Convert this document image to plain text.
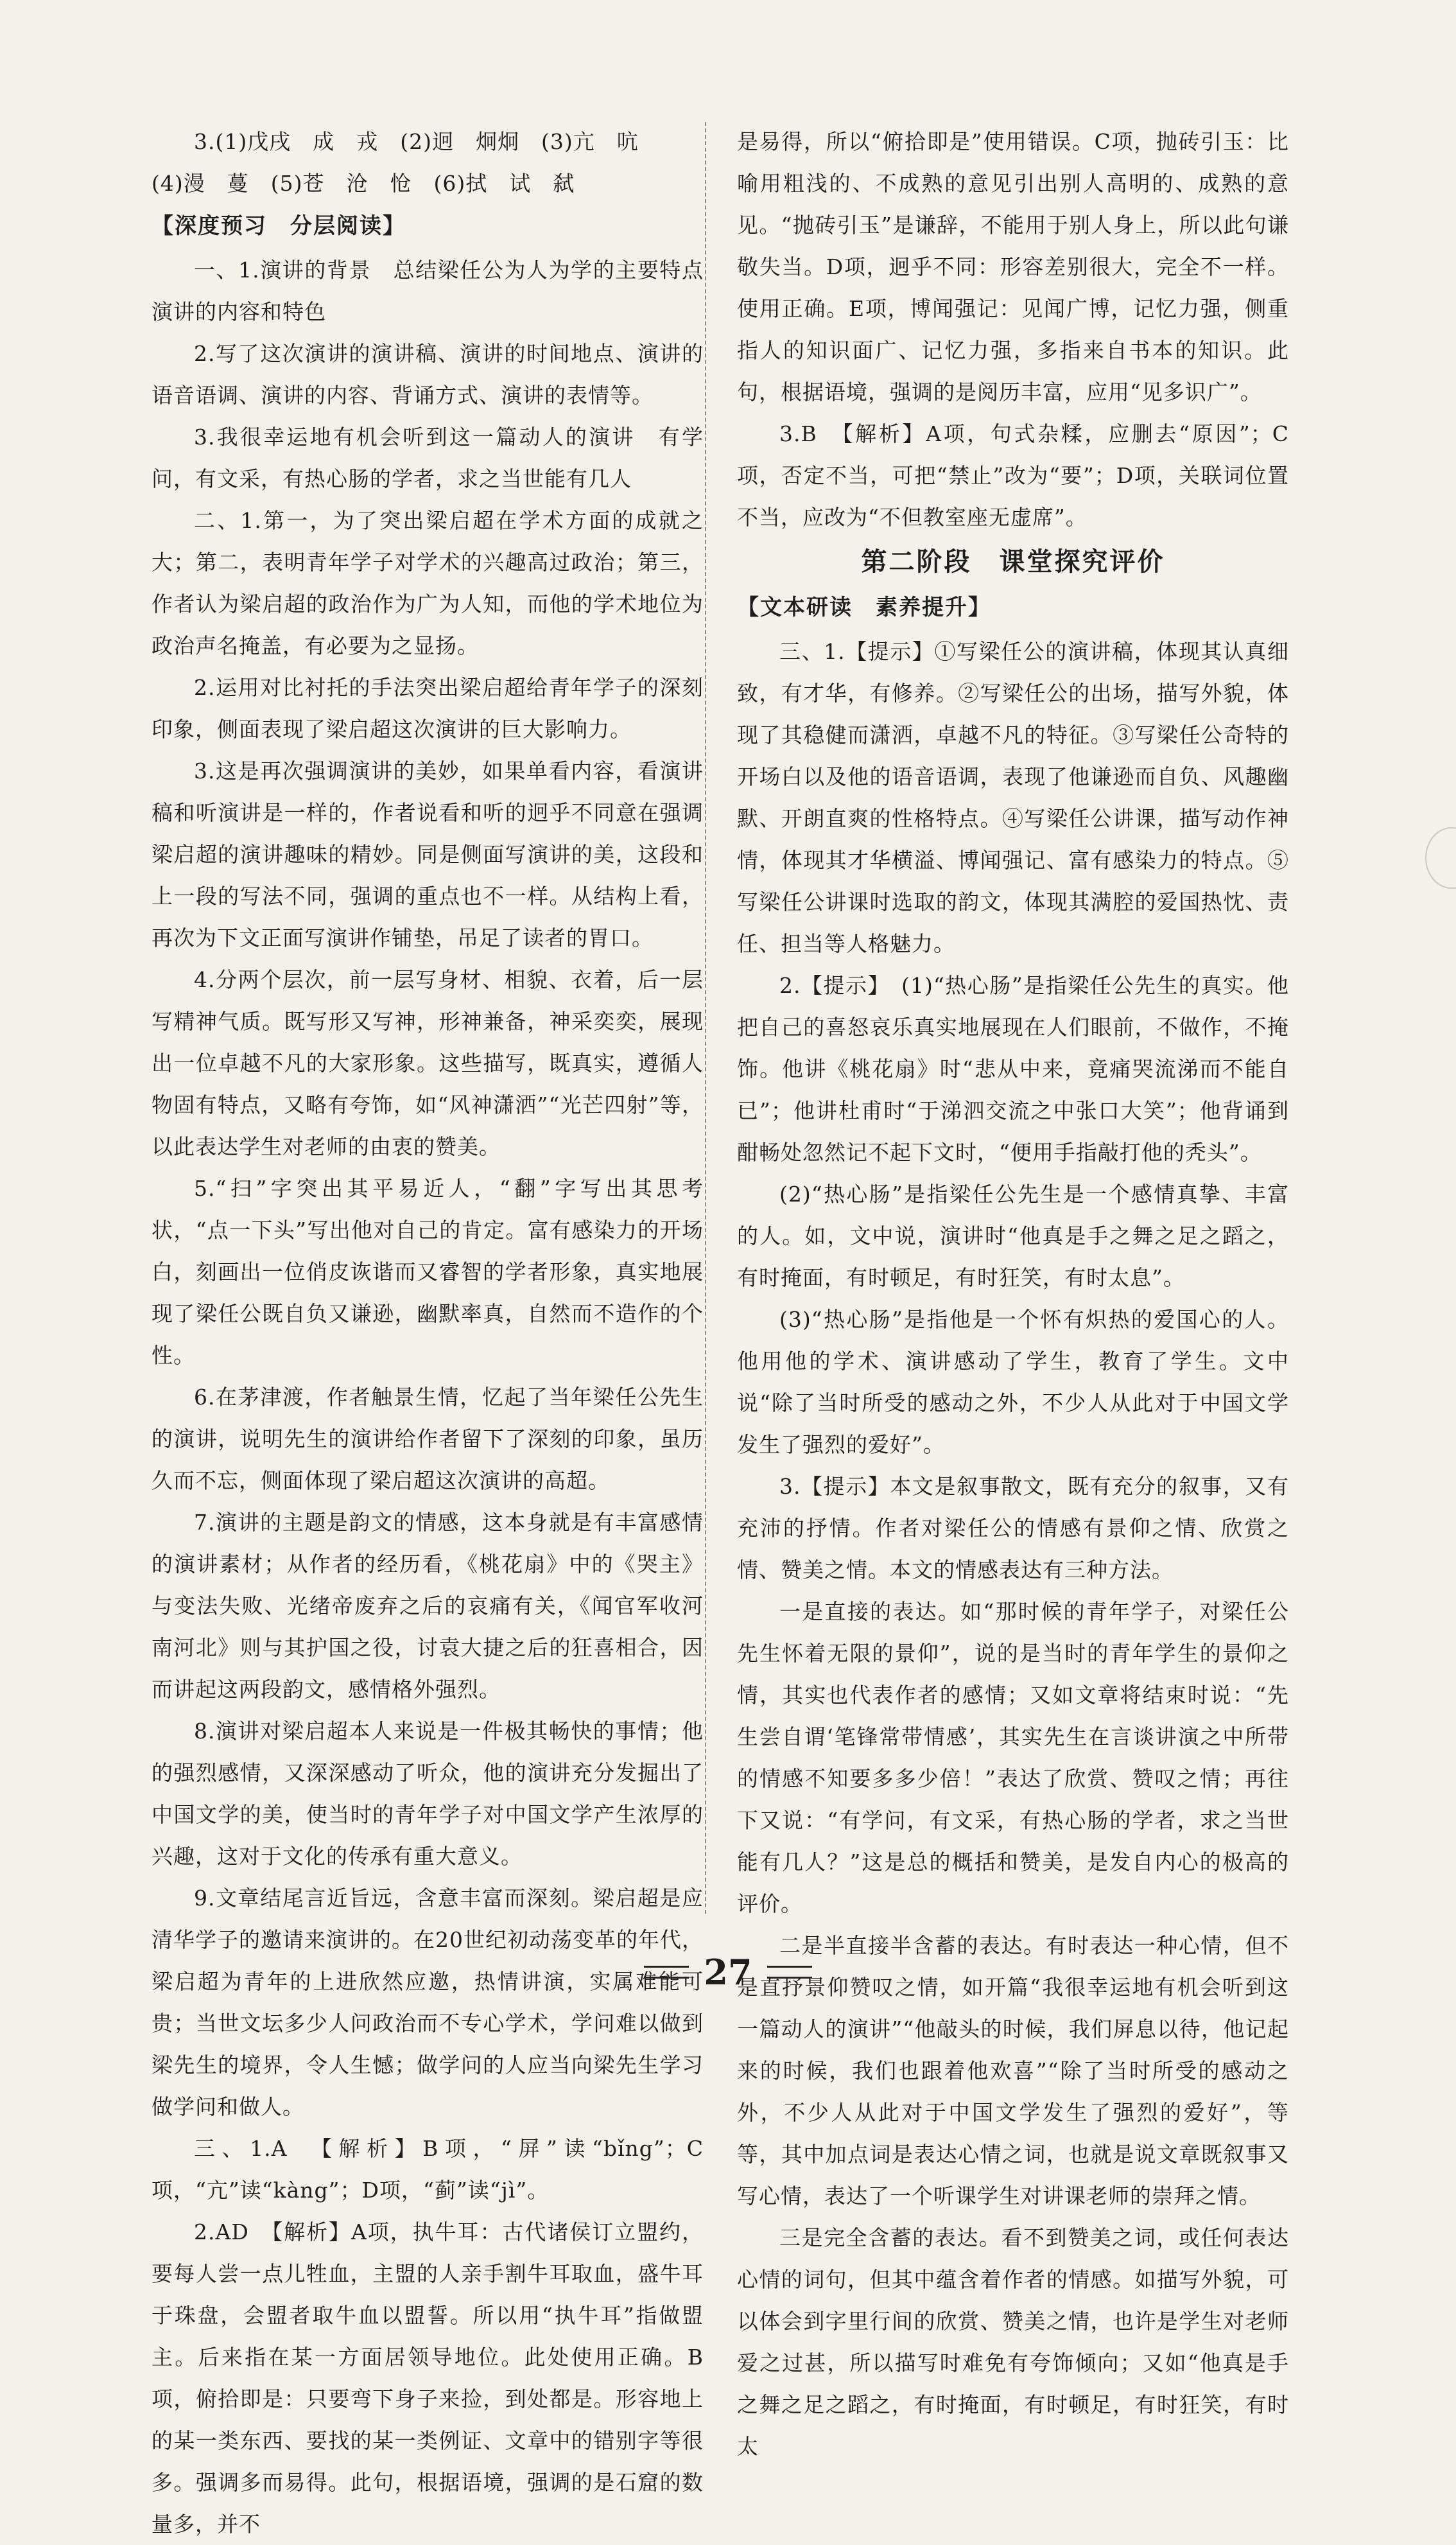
3.(1)戊戌　成　戎　(2)迥　炯炯　(3)亢　吭

(4)漫　蔓　(5)苍　沧　怆　(6)拭　试　弑

【深度预习　分层阅读】

一、1.演讲的背景　总结梁任公为人为学的主要特点　演讲的内容和特色

2.写了这次演讲的演讲稿、演讲的时间地点、演讲的语音语调、演讲的内容、背诵方式、演讲的表情等。

3.我很幸运地有机会听到这一篇动人的演讲　有学问，有文采，有热心肠的学者，求之当世能有几人

二、1.第一，为了突出梁启超在学术方面的成就之大；第二，表明青年学子对学术的兴趣高过政治；第三，作者认为梁启超的政治作为广为人知，而他的学术地位为政治声名掩盖，有必要为之显扬。

2.运用对比衬托的手法突出梁启超给青年学子的深刻印象，侧面表现了梁启超这次演讲的巨大影响力。

3.这是再次强调演讲的美妙，如果单看内容，看演讲稿和听演讲是一样的，作者说看和听的迥乎不同意在强调梁启超的演讲趣味的精妙。同是侧面写演讲的美，这段和上一段的写法不同，强调的重点也不一样。从结构上看，再次为下文正面写演讲作铺垫，吊足了读者的胃口。

4.分两个层次，前一层写身材、相貌、衣着，后一层写精神气质。既写形又写神，形神兼备，神采奕奕，展现出一位卓越不凡的大家形象。这些描写，既真实，遵循人物固有特点，又略有夸饰，如“风神潇洒”“光芒四射”等，以此表达学生对老师的由衷的赞美。

5.“扫”字突出其平易近人，“翻”字写出其思考状，“点一下头”写出他对自己的肯定。富有感染力的开场白，刻画出一位俏皮诙谐而又睿智的学者形象，真实地展现了梁任公既自负又谦逊，幽默率真，自然而不造作的个性。

6.在茅津渡，作者触景生情，忆起了当年梁任公先生的演讲，说明先生的演讲给作者留下了深刻的印象，虽历久而不忘，侧面体现了梁启超这次演讲的高超。

7.演讲的主题是韵文的情感，这本身就是有丰富感情的演讲素材；从作者的经历看，《桃花扇》中的《哭主》与变法失败、光绪帝废弃之后的哀痛有关，《闻官军收河南河北》则与其护国之役，讨袁大捷之后的狂喜相合，因而讲起这两段韵文，感情格外强烈。

8.演讲对梁启超本人来说是一件极其畅快的事情；他的强烈感情，又深深感动了听众，他的演讲充分发掘出了中国文学的美，使当时的青年学子对中国文学产生浓厚的兴趣，这对于文化的传承有重大意义。

9.文章结尾言近旨远，含意丰富而深刻。梁启超是应清华学子的邀请来演讲的。在20世纪初动荡变革的年代，梁启超为青年的上进欣然应邀，热情讲演，实属难能可贵；当世文坛多少人问政治而不专心学术，学问难以做到梁先生的境界，令人生憾；做学问的人应当向梁先生学习做学问和做人。

三、1.A　【解析】B项，“屏”读“bǐng”；C项，“亢”读“kàng”；D项，“蓟”读“jì”。

2.AD　【解析】A项，执牛耳：古代诸侯订立盟约，要每人尝一点儿牲血，主盟的人亲手割牛耳取血，盛牛耳于珠盘，会盟者取牛血以盟誓。所以用“执牛耳”指做盟主。后来指在某一方面居领导地位。此处使用正确。B项，俯拾即是：只要弯下身子来捡，到处都是。形容地上的某一类东西、要找的某一类例证、文章中的错别字等很多。强调多而易得。此句，根据语境，强调的是石窟的数量多，并不

是易得，所以“俯拾即是”使用错误。C项，抛砖引玉：比喻用粗浅的、不成熟的意见引出别人高明的、成熟的意见。“抛砖引玉”是谦辞，不能用于别人身上，所以此句谦敬失当。D项，迥乎不同：形容差别很大，完全不一样。使用正确。E项，博闻强记：见闻广博，记忆力强，侧重指人的知识面广、记忆力强，多指来自书本的知识。此句，根据语境，强调的是阅历丰富，应用“见多识广”。

3.B　【解析】A项，句式杂糅，应删去“原因”；C项，否定不当，可把“禁止”改为“要”；D项，关联词位置不当，应改为“不但教室座无虚席”。

第二阶段　课堂探究评价

【文本研读　素养提升】

三、1.【提示】①写梁任公的演讲稿，体现其认真细致，有才华，有修养。②写梁任公的出场，描写外貌，体现了其稳健而潇洒，卓越不凡的特征。③写梁任公奇特的开场白以及他的语音语调，表现了他谦逊而自负、风趣幽默、开朗直爽的性格特点。④写梁任公讲课，描写动作神情，体现其才华横溢、博闻强记、富有感染力的特点。⑤写梁任公讲课时选取的韵文，体现其满腔的爱国热忱、责任、担当等人格魅力。

2.【提示】　(1)“热心肠”是指梁任公先生的真实。他把自己的喜怒哀乐真实地展现在人们眼前，不做作，不掩饰。他讲《桃花扇》时“悲从中来，竟痛哭流涕而不能自已”；他讲杜甫时“于涕泗交流之中张口大笑”；他背诵到酣畅处忽然记不起下文时，“便用手指敲打他的秃头”。

(2)“热心肠”是指梁任公先生是一个感情真挚、丰富的人。如，文中说，演讲时“他真是手之舞之足之蹈之，有时掩面，有时顿足，有时狂笑，有时太息”。

(3)“热心肠”是指他是一个怀有炽热的爱国心的人。他用他的学术、演讲感动了学生，教育了学生。文中说“除了当时所受的感动之外，不少人从此对于中国文学发生了强烈的爱好”。

3.【提示】本文是叙事散文，既有充分的叙事，又有充沛的抒情。作者对梁任公的情感有景仰之情、欣赏之情、赞美之情。本文的情感表达有三种方法。

一是直接的表达。如“那时候的青年学子，对梁任公先生怀着无限的景仰”，说的是当时的青年学生的景仰之情，其实也代表作者的感情；又如文章将结束时说：“先生尝自谓‘笔锋常带情感’，其实先生在言谈讲演之中所带的情感不知要多多少倍！”表达了欣赏、赞叹之情；再往下又说：“有学问，有文采，有热心肠的学者，求之当世能有几人？”这是总的概括和赞美，是发自内心的极高的评价。

二是半直接半含蓄的表达。有时表达一种心情，但不是直抒景仰赞叹之情，如开篇“我很幸运地有机会听到这一篇动人的演讲”“他敲头的时候，我们屏息以待，他记起来的时候，我们也跟着他欢喜”“除了当时所受的感动之外，不少人从此对于中国文学发生了强烈的爱好”，等等，其中加点词是表达心情之词，也就是说文章既叙事又写心情，表达了一个听课学生对讲课老师的崇拜之情。

三是完全含蓄的表达。看不到赞美之词，或任何表达心情的词句，但其中蕴含着作者的情感。如描写外貌，可以体会到字里行间的欣赏、赞美之情，也许是学生对老师爱之过甚，所以描写时难免有夸饰倾向；又如“他真是手之舞之足之蹈之，有时掩面，有时顿足，有时狂笑，有时太

27
